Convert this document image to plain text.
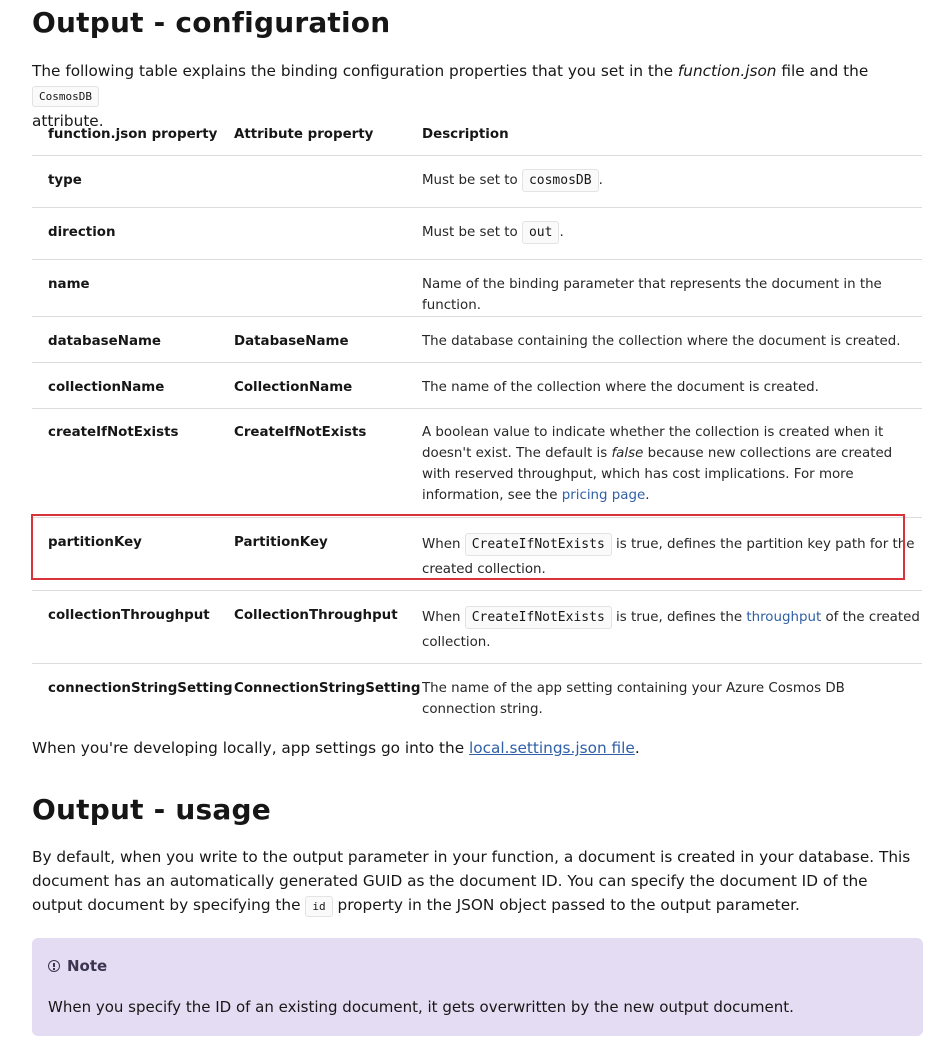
Output - configuration

The following table explains the binding configuration properties that you set in the function.json file and the CosmosDB
attribute.

function.json property	Attribute property	Description
type		Must be set to cosmosDB .
direction		Must be set to out .
name		Name of the binding parameter that represents the document in the function.
databaseName	DatabaseName	The database containing the collection where the document is created.
collectionName	CollectionName	The name of the collection where the document is created.
createIfNotExists	CreateIfNotExists	A boolean value to indicate whether the collection is created when it doesn't exist. The default is false because new collections are created with reserved throughput, which has cost implications. For more information, see the pricing page.
partitionKey	PartitionKey	When CreateIfNotExists is true, defines the partition key path for the created collection.
collectionThroughput	CollectionThroughput	When CreateIfNotExists is true, defines the throughput of the created collection.
connectionStringSetting	ConnectionStringSetting	The name of the app setting containing your Azure Cosmos DB connection string.

When you're developing locally, app settings go into the local.settings.json file.

Output - usage

By default, when you write to the output parameter in your function, a document is created in your database. This document has an automatically generated GUID as the document ID. You can specify the document ID of the output document by specifying the id property in the JSON object passed to the output parameter.

Note
When you specify the ID of an existing document, it gets overwritten by the new output document.
